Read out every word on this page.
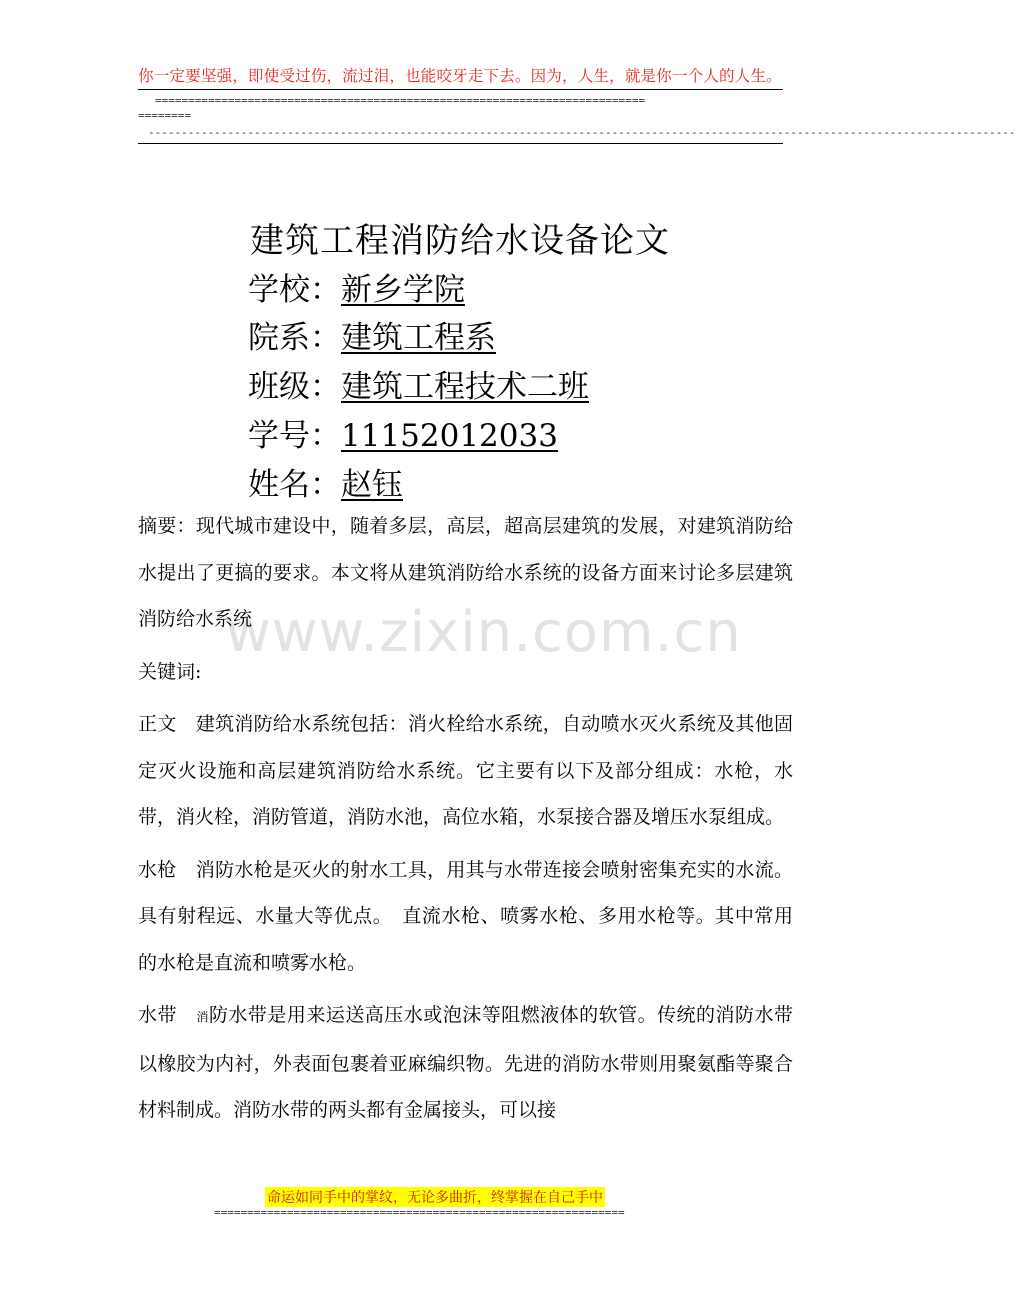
你一定要坚强，即使受过伤，流过泪，也能咬牙走下去。因为，人生，就是你一个人的人生。
==========================================================================
========
-----------------------------------------------------------------------------------------------------------------------------------
建筑工程消防给水设备论文
学校：新乡学院
院系：建筑工程系
班级：建筑工程技术二班
学号：11152012033
姓名：赵钰
www.zixin.com.cn

摘要：现代城市建设中，随着多层，高层，超高层建筑的发展，对建筑消防给水提出了更搞的要求。本文将从建筑消防给水系统的设备方面来讨论多层建筑消防给水系统

关键词:

正文　 建筑消防给水系统包括：消火栓给水系统，自动喷水灭火系统及其他固定灭火设施和高层建筑消防给水系统。它主要有以下及部分组成：水枪，水带，消火栓，消防管道，消防水池，高位水箱，水泵接合器及增压水泵组成。

水枪　 消防水枪是灭火的射水工具，用其与水带连接会喷射密集充实的水流。具有射程远、水量大等优点。　直流水枪、喷雾水枪、多用水枪等。其中常用的水枪是直流和喷雾水枪。

水带　 消防水带是用来运送高压水或泡沫等阻燃液体的软管。传统的消防水带以橡胶为内衬，外表面包裹着亚麻编织物。先进的消防水带则用聚氨酯等聚合材料制成。消防水带的两头都有金属接头，可以接

命运如同手中的掌纹，无论多曲折，终掌握在自己手中
==============================================================
